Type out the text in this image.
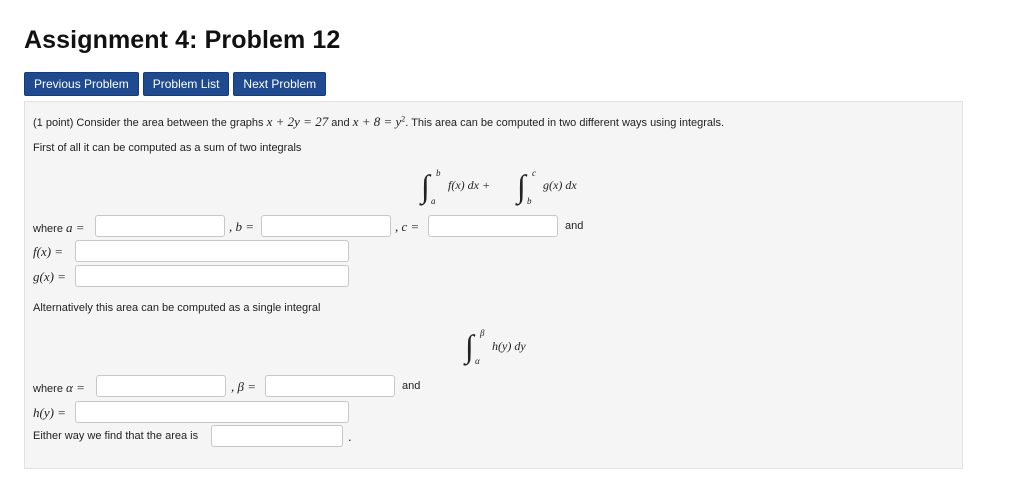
Assignment 4: Problem 12
Previous Problem	Problem List	Next Problem
(1 point) Consider the area between the graphs x + 2y = 27 and $x + 8 = y^2$. This area can be computed in two different ways using integrals.
First of all it can be computed as a sum of two integrals
∫ b
a
f(x) dx + ∫ c
b
g(x) dx
where a =	, b =	, c =	and
f(x) =
g(x) =
Alternatively this area can be computed as a single integral
∫ β
α
h(y) dy
where α =	, β =	and
h(y) =
Either way we find that the area is	.
